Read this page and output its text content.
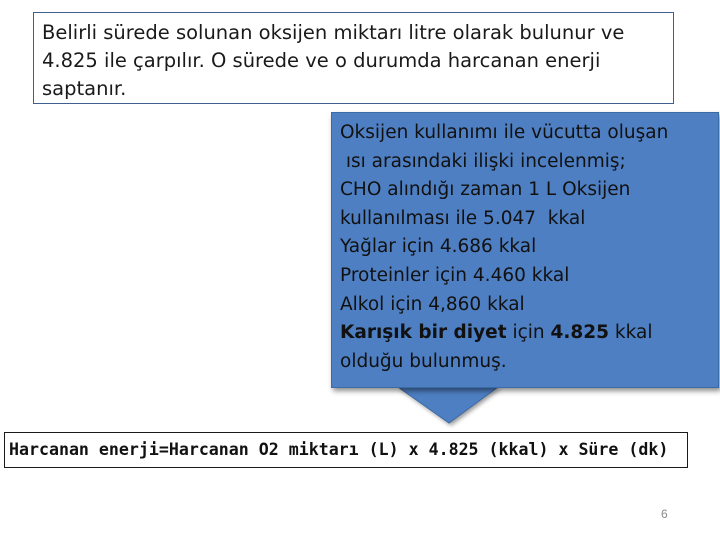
Belirli sürede solunan oksijen miktarı litre olarak bulunur ve 4.825 ile çarpılır. O sürede ve o durumda harcanan enerji saptanır.
Oksijen kullanımı ile vücutta oluşan
ısı arasındaki ilişki incelenmiş;
CHO alındığı zaman 1 L Oksijen
kullanılması ile 5.047  kkal
Yağlar için 4.686 kkal
Proteinler için 4.460 kkal
Alkol için 4,860 kkal
Karışık bir diyet için 4.825 kkal
olduğu bulunmuş.
Harcanan enerji=Harcanan O2 miktarı (L) x 4.825 (kkal) x Süre (dk)
6
